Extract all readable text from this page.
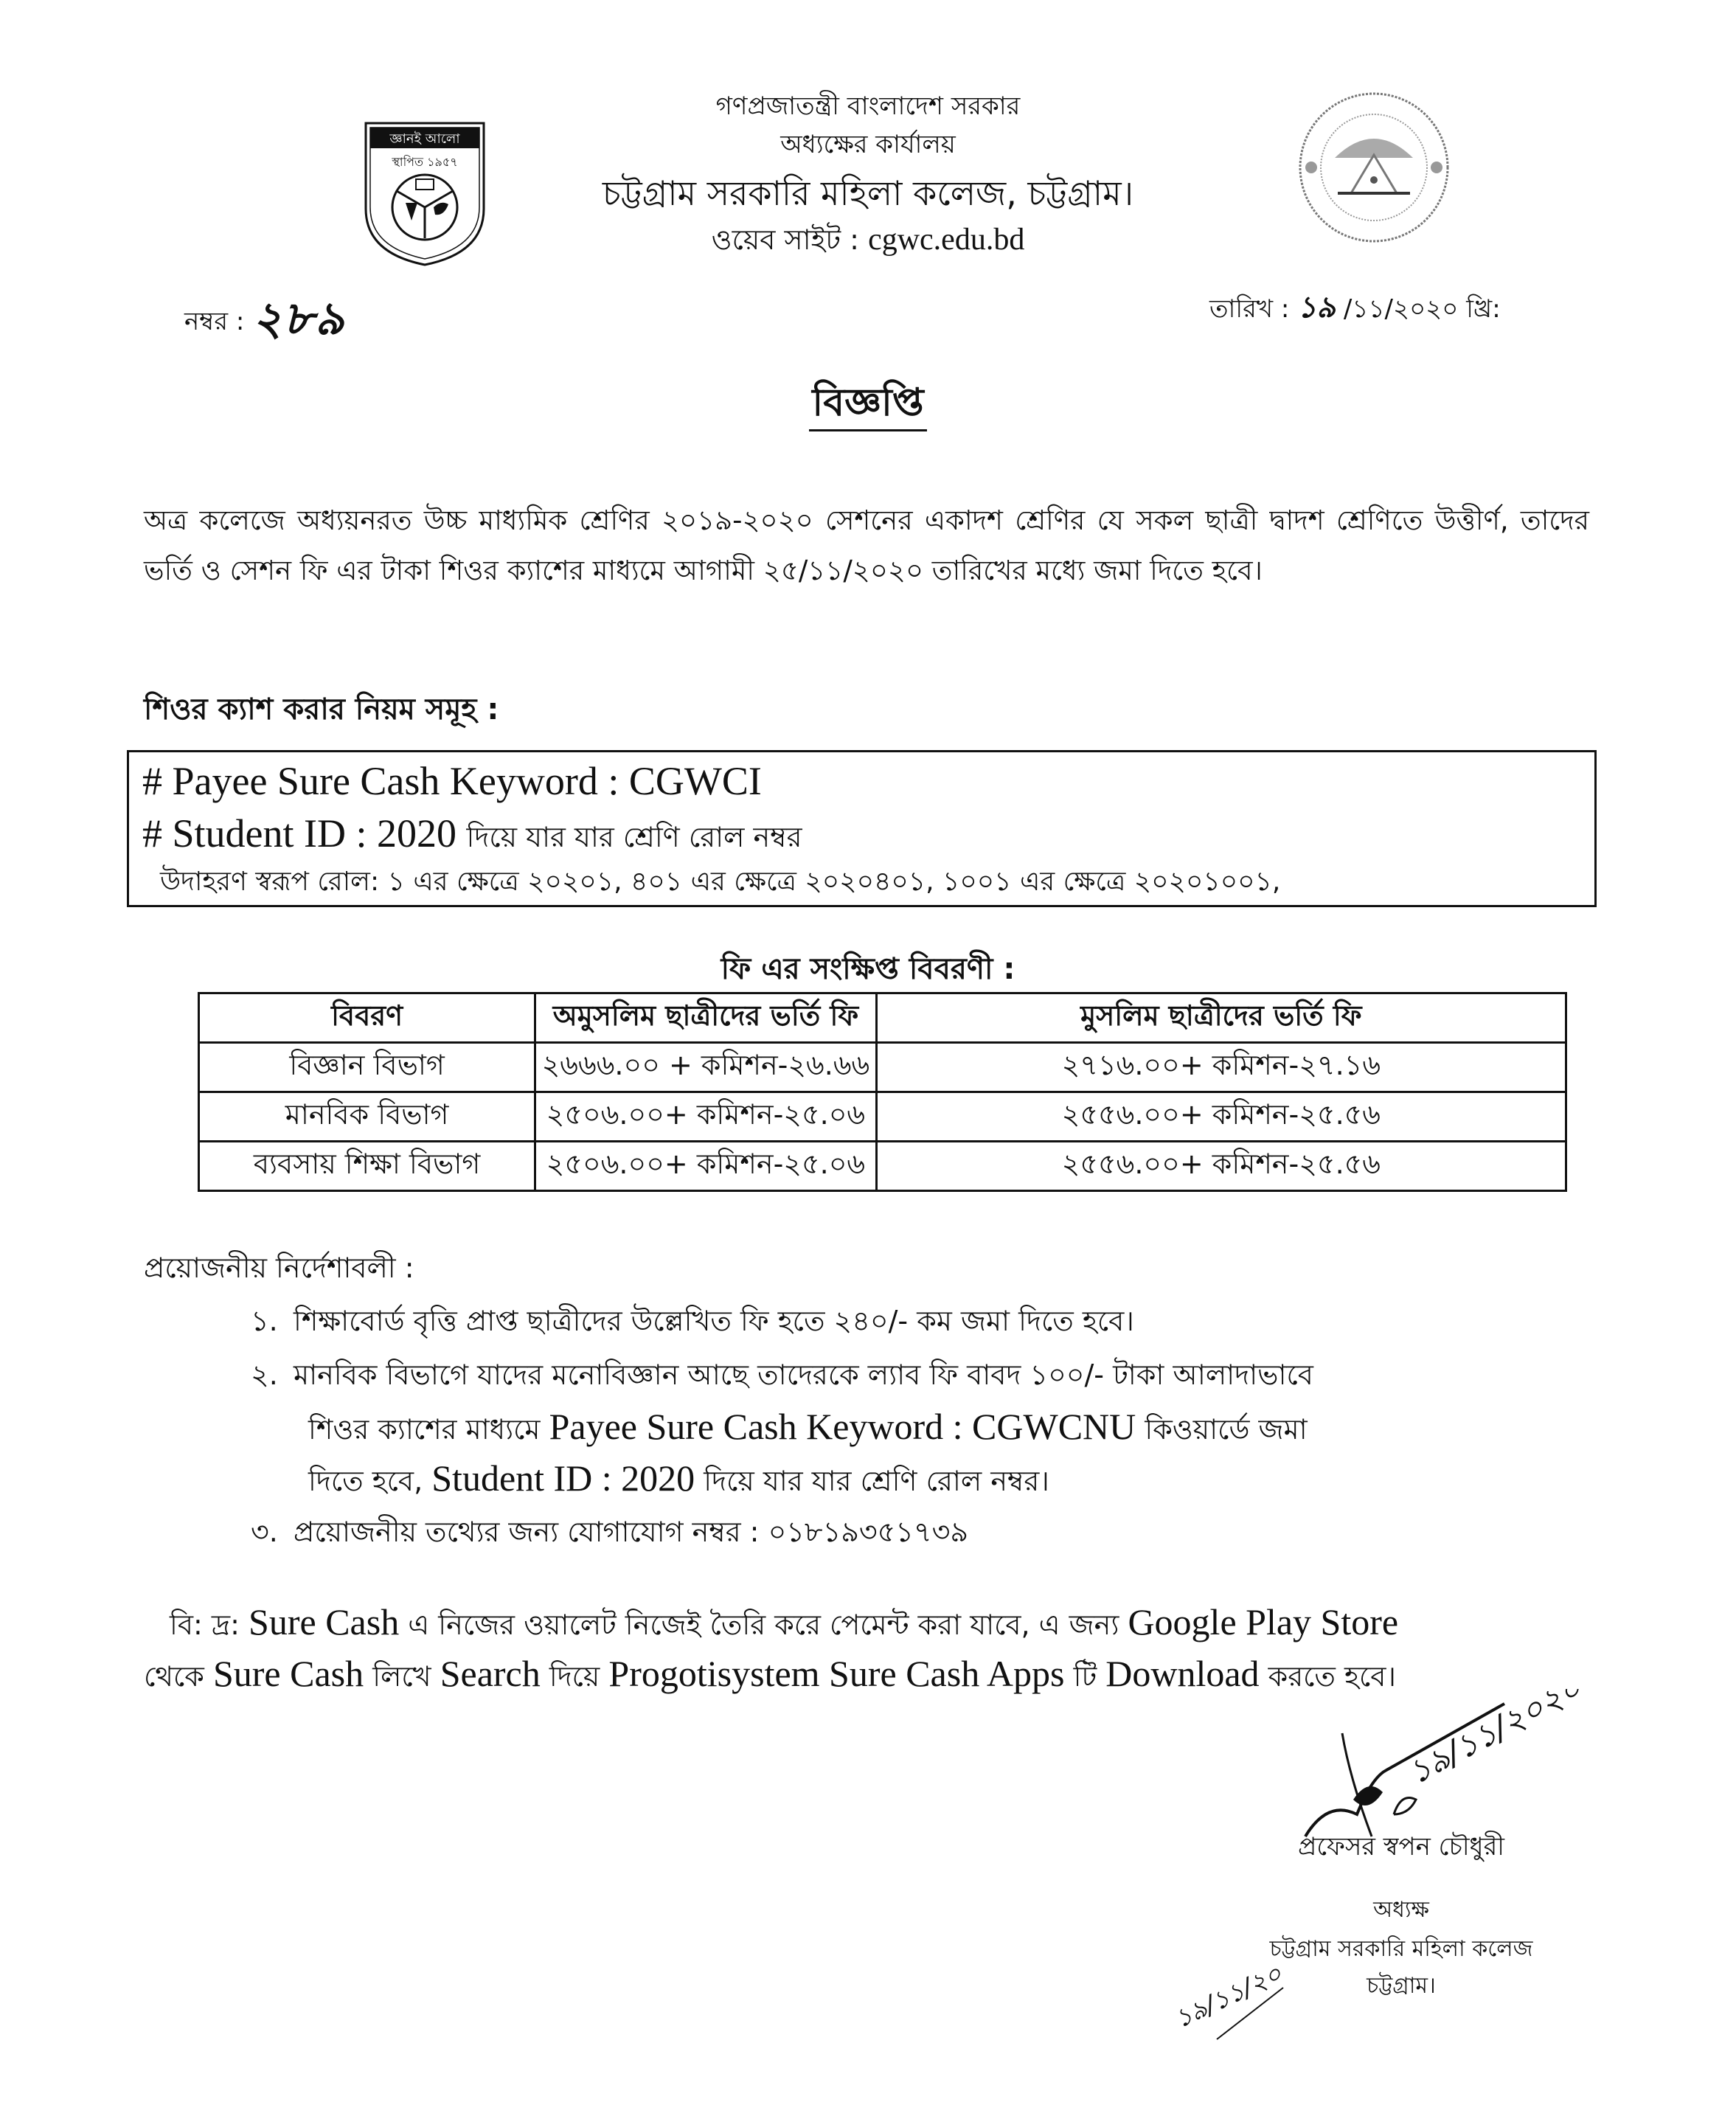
জ্ঞানই আলো
স্থাপিত ১৯৫৭
গণপ্রজাতন্ত্রী বাংলাদেশ সরকার
অধ্যক্ষের কার্যালয়
চট্টগ্রাম সরকারি মহিলা কলেজ, চট্টগ্রাম।
ওয়েব সাইট : cgwc.edu.bd
নম্বর : ২৮৯	তারিখ : ১৯ /১১/২০২০ খ্রি:
বিজ্ঞপ্তি
অত্র কলেজে অধ্যয়নরত উচ্চ মাধ্যমিক শ্রেণির ২০১৯-২০২০ সেশনের একাদশ শ্রেণির যে সকল ছাত্রী দ্বাদশ শ্রেণিতে উত্তীর্ণ, তাদের ভর্তি ও সেশন ফি এর টাকা শিওর ক্যাশের মাধ্যমে আগামী ২৫/১১/২০২০ তারিখের মধ্যে জমা দিতে হবে।
শিওর ক্যাশ করার নিয়ম সমূহ :
# Payee Sure Cash Keyword : CGWCI
# Student ID : 2020 দিয়ে যার যার শ্রেণি রোল নম্বর
উদাহরণ স্বরূপ রোল: ১ এর ক্ষেত্রে ২০২০১, ৪০১ এর ক্ষেত্রে ২০২০৪০১, ১০০১ এর ক্ষেত্রে ২০২০১০০১,
ফি এর সংক্ষিপ্ত বিবরণী :
বিবরণ	অমুসলিম ছাত্রীদের ভর্তি ফি	মুসলিম ছাত্রীদের ভর্তি ফি
বিজ্ঞান বিভাগ	২৬৬৬.০০ + কমিশন-২৬.৬৬	২৭১৬.০০+ কমিশন-২৭.১৬
মানবিক বিভাগ	২৫০৬.০০+ কমিশন-২৫.০৬	২৫৫৬.০০+ কমিশন-২৫.৫৬
ব্যবসায় শিক্ষা বিভাগ	২৫০৬.০০+ কমিশন-২৫.০৬	২৫৫৬.০০+ কমিশন-২৫.৫৬
প্রয়োজনীয় নির্দেশাবলী :
১. শিক্ষাবোর্ড বৃত্তি প্রাপ্ত ছাত্রীদের উল্লেখিত ফি হতে ২৪০/- কম জমা দিতে হবে।
২. মানবিক বিভাগে যাদের মনোবিজ্ঞান আছে তাদেরকে ল্যাব ফি বাবদ ১০০/- টাকা আলাদাভাবে
শিওর ক্যাশের মাধ্যমে Payee Sure Cash Keyword : CGWCNU কিওয়ার্ডে জমা
দিতে হবে, Student ID : 2020 দিয়ে যার যার শ্রেণি রোল নম্বর।
৩. প্রয়োজনীয় তথ্যের জন্য যোগাযোগ নম্বর : ০১৮১৯৩৫১৭৩৯
বি: দ্র: Sure Cash এ নিজের ওয়ালেট নিজেই তৈরি করে পেমেন্ট করা যাবে, এ জন্য Google Play Store
থেকে Sure Cash লিখে Search দিয়ে Progotisystem Sure Cash Apps টি Download করতে হবে। ১৯/১১/২০২০
প্রফেসর স্বপন চৌধুরী
অধ্যক্ষ
চট্টগ্রাম সরকারি মহিলা কলেজ
চট্টগ্রাম।
১৯/১১/২০
